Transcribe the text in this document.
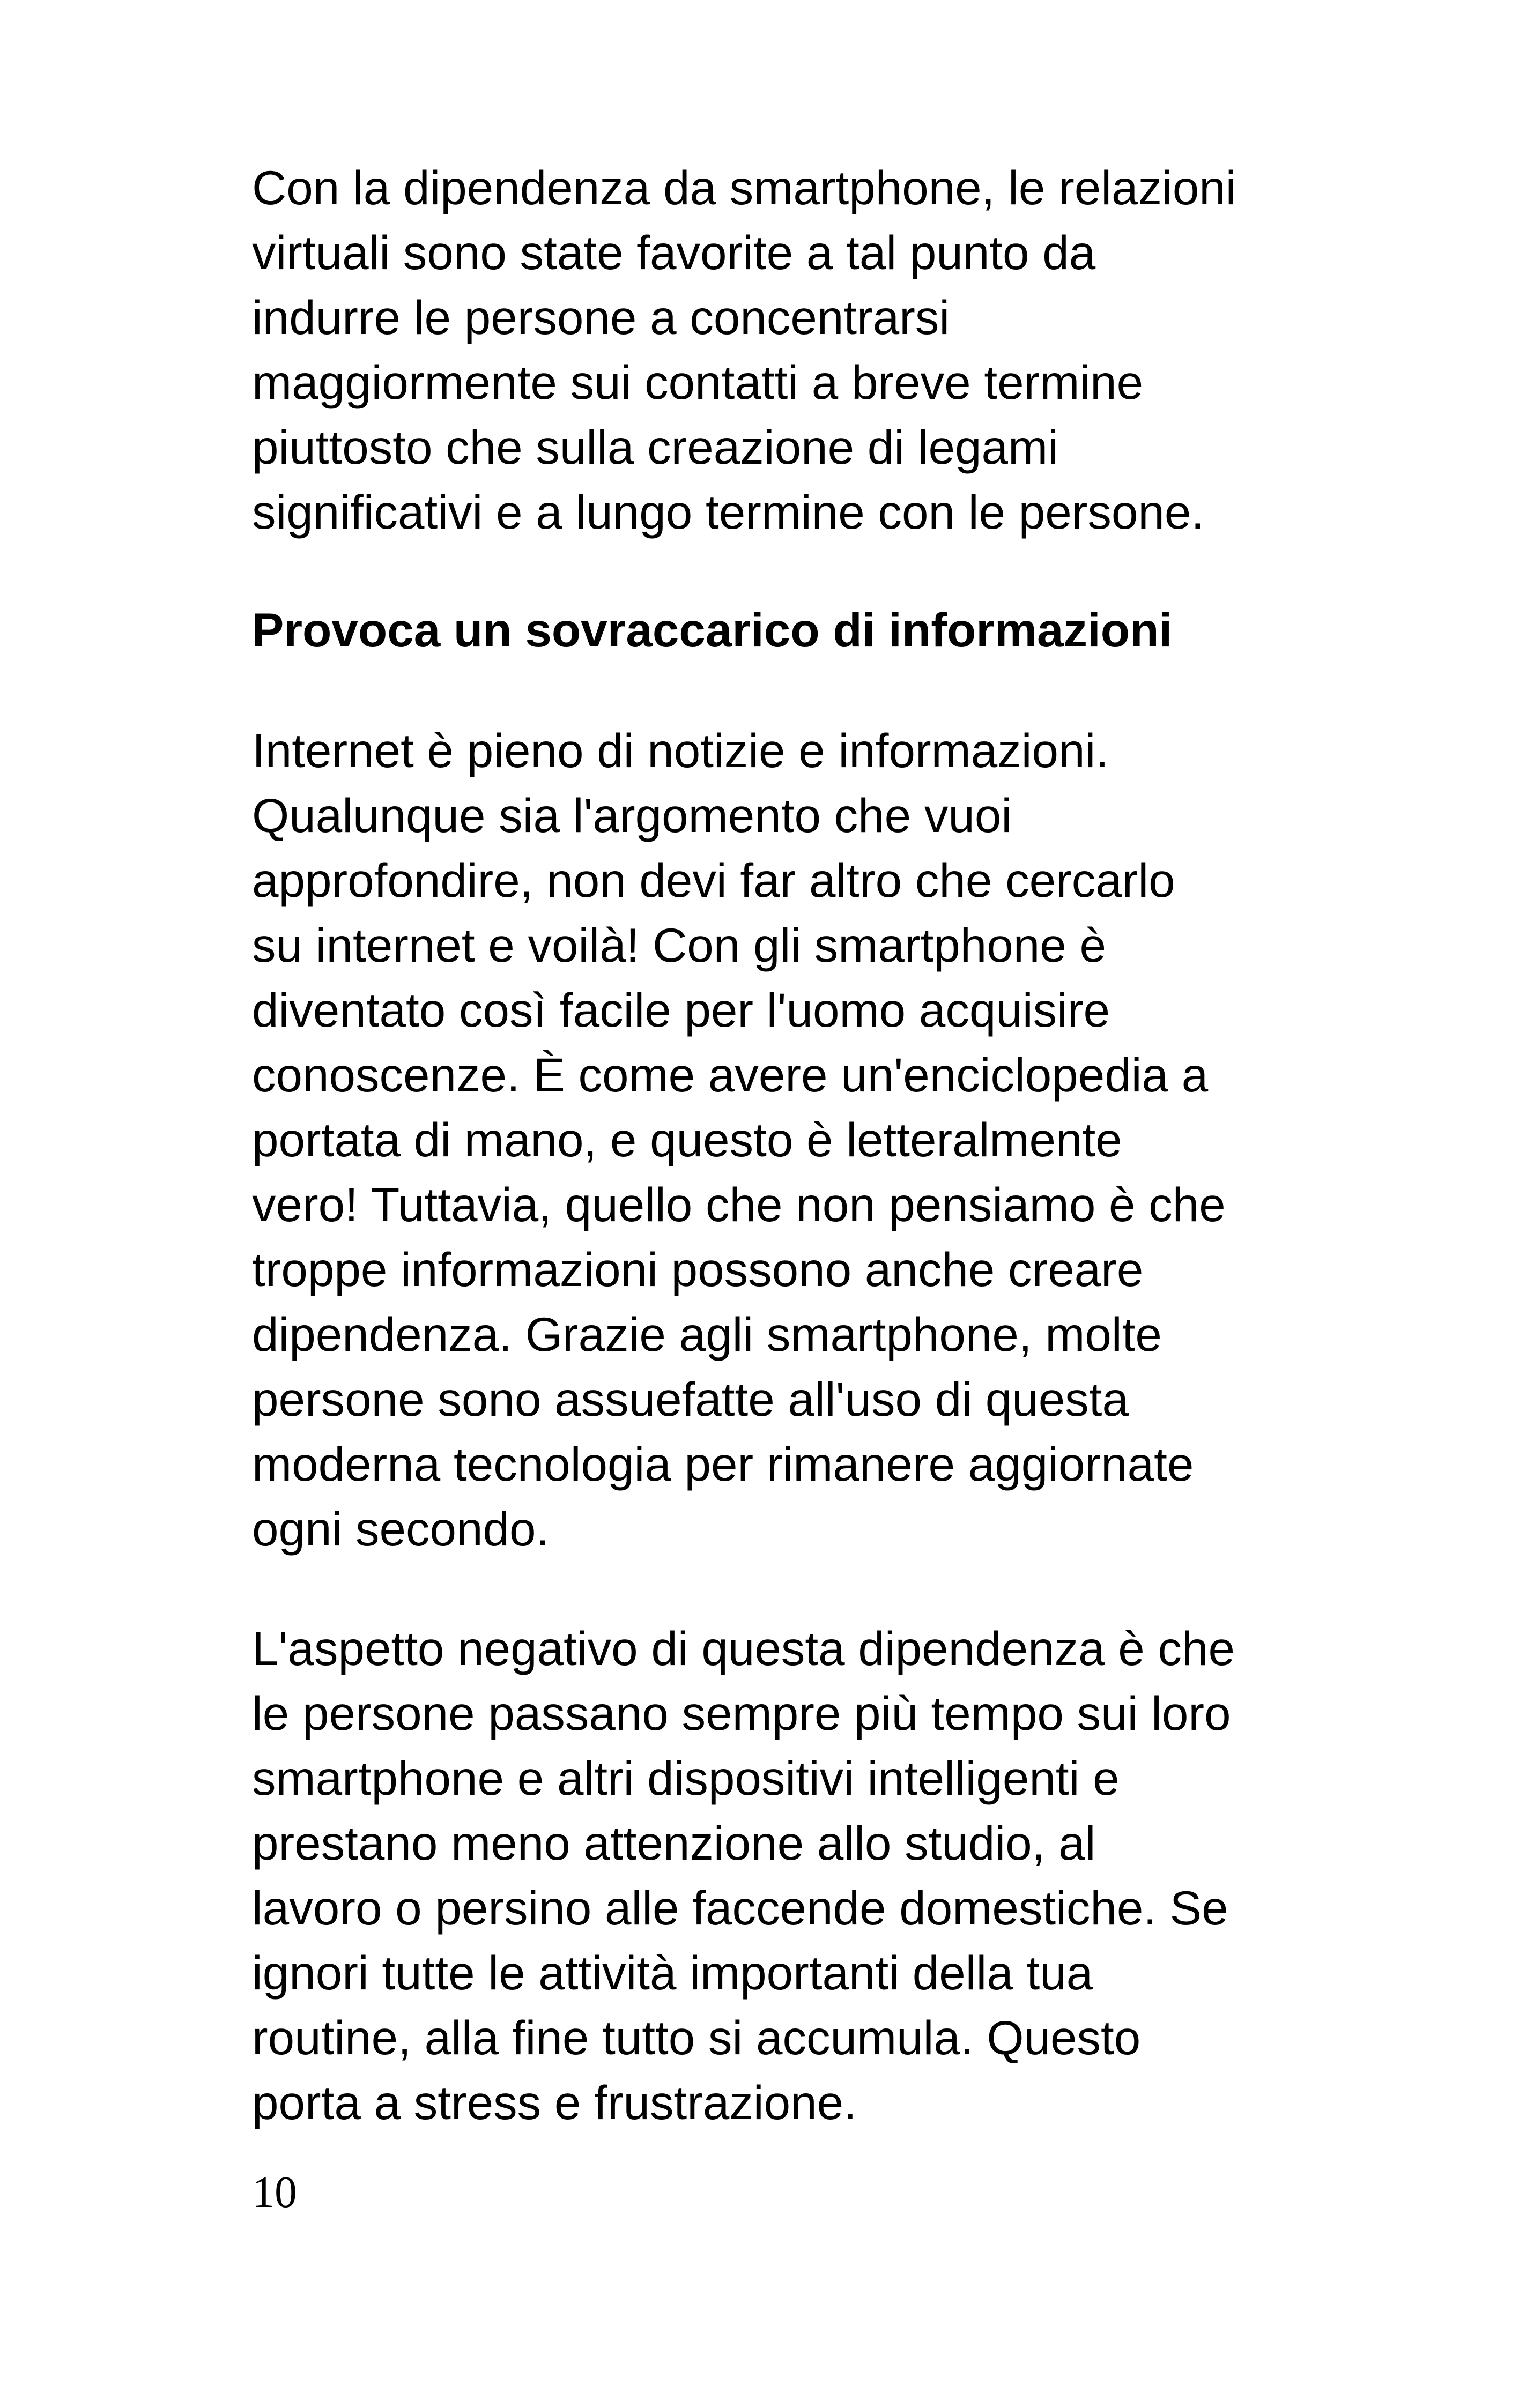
Con la dipendenza da smartphone, le relazioni
virtuali sono state favorite a tal punto da
indurre le persone a concentrarsi
maggiormente sui contatti a breve termine
piuttosto che sulla creazione di legami
significativi e a lungo termine con le persone.
Provoca un sovraccarico di informazioni
Internet è pieno di notizie e informazioni.
Qualunque sia l'argomento che vuoi
approfondire, non devi far altro che cercarlo
su internet e voilà! Con gli smartphone è
diventato così facile per l'uomo acquisire
conoscenze. È come avere un'enciclopedia a
portata di mano, e questo è letteralmente
vero! Tuttavia, quello che non pensiamo è che
troppe informazioni possono anche creare
dipendenza. Grazie agli smartphone, molte
persone sono assuefatte all'uso di questa
moderna tecnologia per rimanere aggiornate
ogni secondo.
L'aspetto negativo di questa dipendenza è che
le persone passano sempre più tempo sui loro
smartphone e altri dispositivi intelligenti e
prestano meno attenzione allo studio, al
lavoro o persino alle faccende domestiche. Se
ignori tutte le attività importanti della tua
routine, alla fine tutto si accumula. Questo
porta a stress e frustrazione.
10
